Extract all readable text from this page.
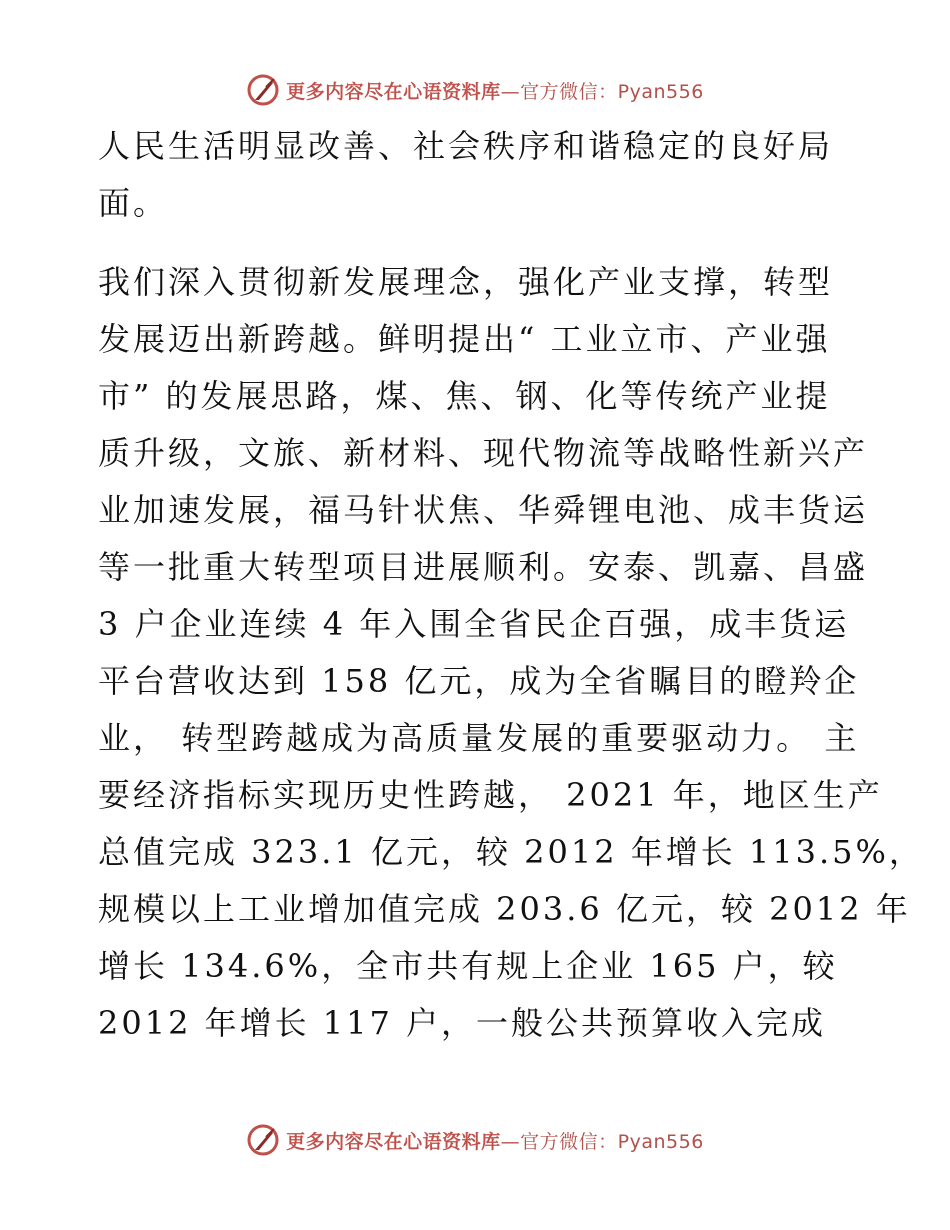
更多内容尽在心语资料库—官方微信：Pyan556
人民生活明显改善、社会秩序和谐稳定的良好局
面。
我们深入贯彻新发展理念，强化产业支撑，转型
发展迈出新跨越。鲜明提出“ 工业立市、产业强
市” 的发展思路，煤、焦、钢、化等传统产业提
质升级，文旅、新材料、现代物流等战略性新兴产
业加速发展，福马针状焦、华舜锂电池、成丰货运
等一批重大转型项目进展顺利。安泰、凯嘉、昌盛
3 户企业连续 4 年入围全省民企百强，成丰货运
平台营收达到 158 亿元，成为全省瞩目的瞪羚企
业， 转型跨越成为高质量发展的重要驱动力。 主
要经济指标实现历史性跨越， 2021 年，地区生产
总值完成 323.1 亿元，较 2012 年增长 113.5%，
规模以上工业增加值完成 203.6 亿元，较 2012 年
增长 134.6%，全市共有规上企业 165 户，较
2012 年增长 117 户，一般公共预算收入完成
更多内容尽在心语资料库—官方微信：Pyan556
